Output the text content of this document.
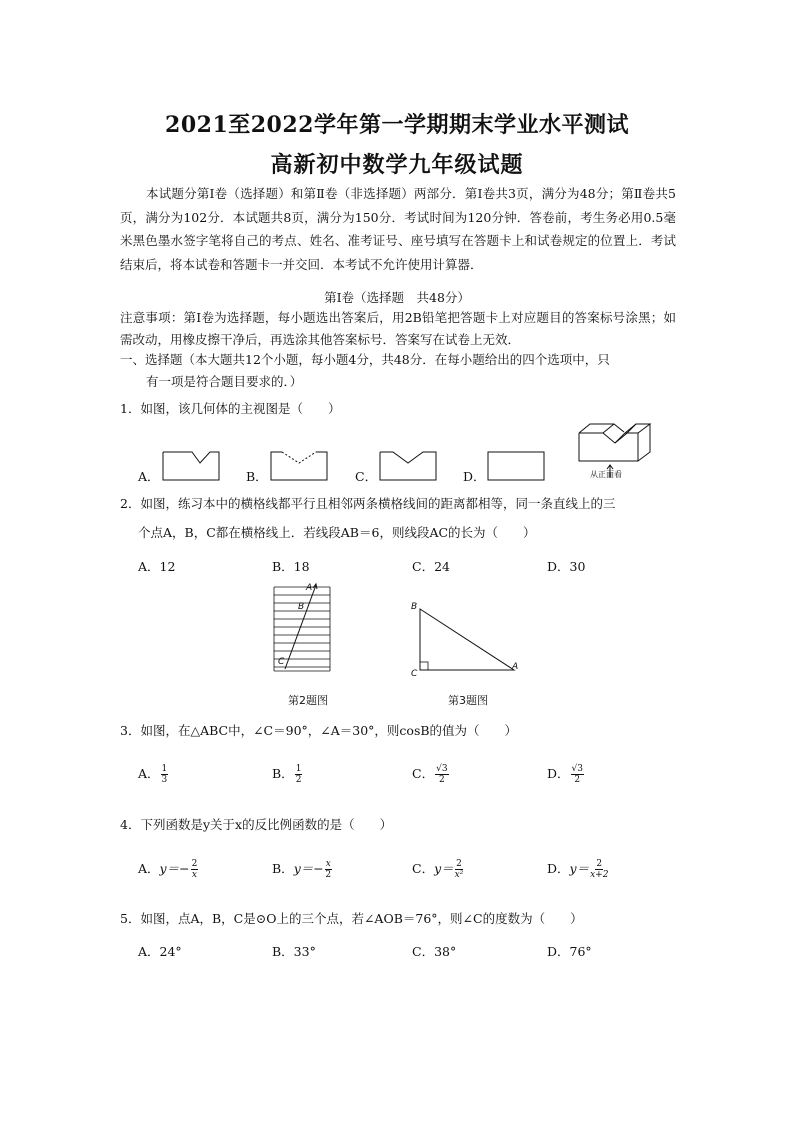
2021至2022学年第一学期期末学业水平测试
高新初中数学九年级试题
本试题分第Ⅰ卷（选择题）和第Ⅱ卷（非选择题）两部分．第Ⅰ卷共3页，满分为48分；第Ⅱ卷共5页，满分为102分．本试题共8页，满分为150分．考试时间为120分钟．答卷前，考生务必用0.5毫米黑色墨水签字笔将自己的考点、姓名、准考证号、座号填写在答题卡上和试卷规定的位置上．考试结束后，将本试卷和答题卡一并交回．本考试不允许使用计算器．
第Ⅰ卷（选择题　共48分）
注意事项：第Ⅰ卷为选择题，每小题选出答案后，用2B铅笔把答题卡上对应题目的答案标号涂黑；如需改动，用橡皮擦干净后，再选涂其他答案标号．答案写在试卷上无效．
一、选择题（本大题共12个小题，每小题4分，共48分．在每小题给出的四个选项中，只
有一项是符合题目要求的．）
1．如图，该几何体的主视图是（　　）
A．	B．	C．	D．	从正面看
2．如图，练习本中的横格线都平行且相邻两条横格线间的距离都相等，同一条直线上的三
个点A，B，C都在横格线上．若线段AB＝6，则线段AC的长为（　　）
A．12	B．18	C．24	D．30
A
B
C
第2题图
B
C
A
第3题图
3．如图，在△ABC中，∠C＝90°，∠A＝30°，则cosB的值为（　　）
A． $\frac{1}{3}$	B． $\frac{1}{2}$	C． $\frac{√3}{2}$	D． $\frac{√3}{2}$
4．下列函数是y关于x的反比例函数的是（　　）
A．$y=- \frac{2}{x}$	B．$y=- \frac{x}{2}$	C．$y= \frac{2}{\text{x²}}$	D．$y= \frac{2}{x+2}$
5．如图，点A，B，C是⊙O上的三个点，若∠AOB＝76°，则∠C的度数为（　　）
A．24°	B．33°	C．38°	D．76°
